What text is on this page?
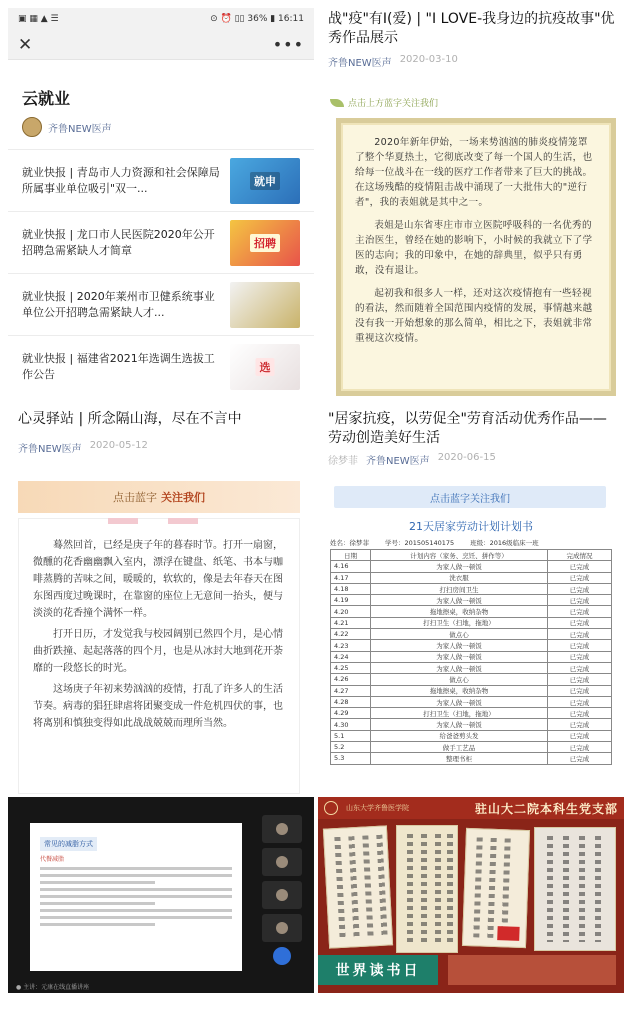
▣ ▦ ▲ ☰	⊙ ⏰ ▯▯ 36% ▮ 16:11
✕	•••
云就业
齐鲁NEW医声
就业快报 | 青岛市人力资源和社会保障局所属事业单位吸引"双一...
就申
就业快报 | 龙口市人民医院2020年公开招聘急需紧缺人才简章
招聘
就业快报 | 2020年莱州市卫健系统事业单位公开招聘急需紧缺人才...
就业快报 | 福建省2021年选调生选拔工作公告
选
战"疫"有I(爱) | "I LOVE-我身边的抗疫故事"优秀作品展示
齐鲁NEW医声 2020-03-10
点击上方蓝字关注我们

2020年新年伊始，一场来势汹汹的肺炎疫情笼罩了整个华夏热土，它彻底改变了每一个国人的生活，也给每一位战斗在一线的医疗工作者带来了巨大的挑战。在这场残酷的疫情阻击战中涌现了一大批伟大的"逆行者"，我的表姐就是其中之一。

表姐是山东省枣庄市市立医院呼吸科的一名优秀的主治医生，曾经在她的影响下，小时候的我就立下了学医的志向；我的印象中，在她的辞典里，似乎只有勇敢，没有退让。

起初我和很多人一样，还对这次疫情抱有一些轻视的看法，然而随着全国范围内疫情的发展，事情越来越没有我一开始想象的那么简单，相比之下，表姐就非常重视这次疫情。

心灵驿站 | 所念隔山海，尽在不言中
齐鲁NEW医声 2020-05-12
点击蓝字 关注我们

蓦然回首，已经是庚子年的暮春时节。打开一扇窗，微醺的花香幽幽飘入室内，漂浮在键盘、纸笔、书本与咖啡蒸腾的苦味之间，暖暖的，软软的，像是去年春天在图东图西度过晚课时，在靠窗的座位上无意间一抬头，便与淡淡的花香撞个满怀一样。

打开日历，才发觉我与校园阔别已然四个月，是心情曲折跌撞、起起落落的四个月，也是从冰封大地到花开荼靡的一段悠长的时光。

这场庚子年初来势汹汹的疫情，打乱了许多人的生活节奏。病毒的猖狂肆虐将团聚变成一件危机四伏的事，也将离别和慎独变得如此战战兢兢而理所当然。

"居家抗疫，以劳促全"劳育活动优秀作品——劳动创造美好生活
徐梦菲 齐鲁NEW医声 2020-06-15
点击蓝字关注我们
21天居家劳动计划计划书
姓名：徐梦菲 学号：201505140175 班级：2016级临床一班
日期	计划内容（家务、烹饪、拼作等）	完成情况
4.16	为家人做一顿饭	已完成
4.17	洗衣服	已完成
4.18	打扫房间卫生	已完成
4.19	为家人做一顿饭	已完成
4.20	拖地擦桌，收纳杂物	已完成
4.21	打扫卫生（扫地，拖地）	已完成
4.22	做点心	已完成
4.23	为家人做一顿饭	已完成
4.24	为家人做一顿饭	已完成
4.25	为家人做一顿饭	已完成
4.26	做点心	已完成
4.27	拖地擦桌，收纳杂物	已完成
4.28	为家人做一顿饭	已完成
4.29	打扫卫生（扫地，拖地）	已完成
4.30	为家人做一顿饭	已完成
5.1	给爸爸剪头发	已完成
5.2	做手工艺品	已完成
5.3	整理书柜	已完成
常见的减脂方式
代餐减脂
● 主讲：元康在线直播讲座
山东大学齐鲁医学院	驻山大二院本科生党支部
世界读书日
